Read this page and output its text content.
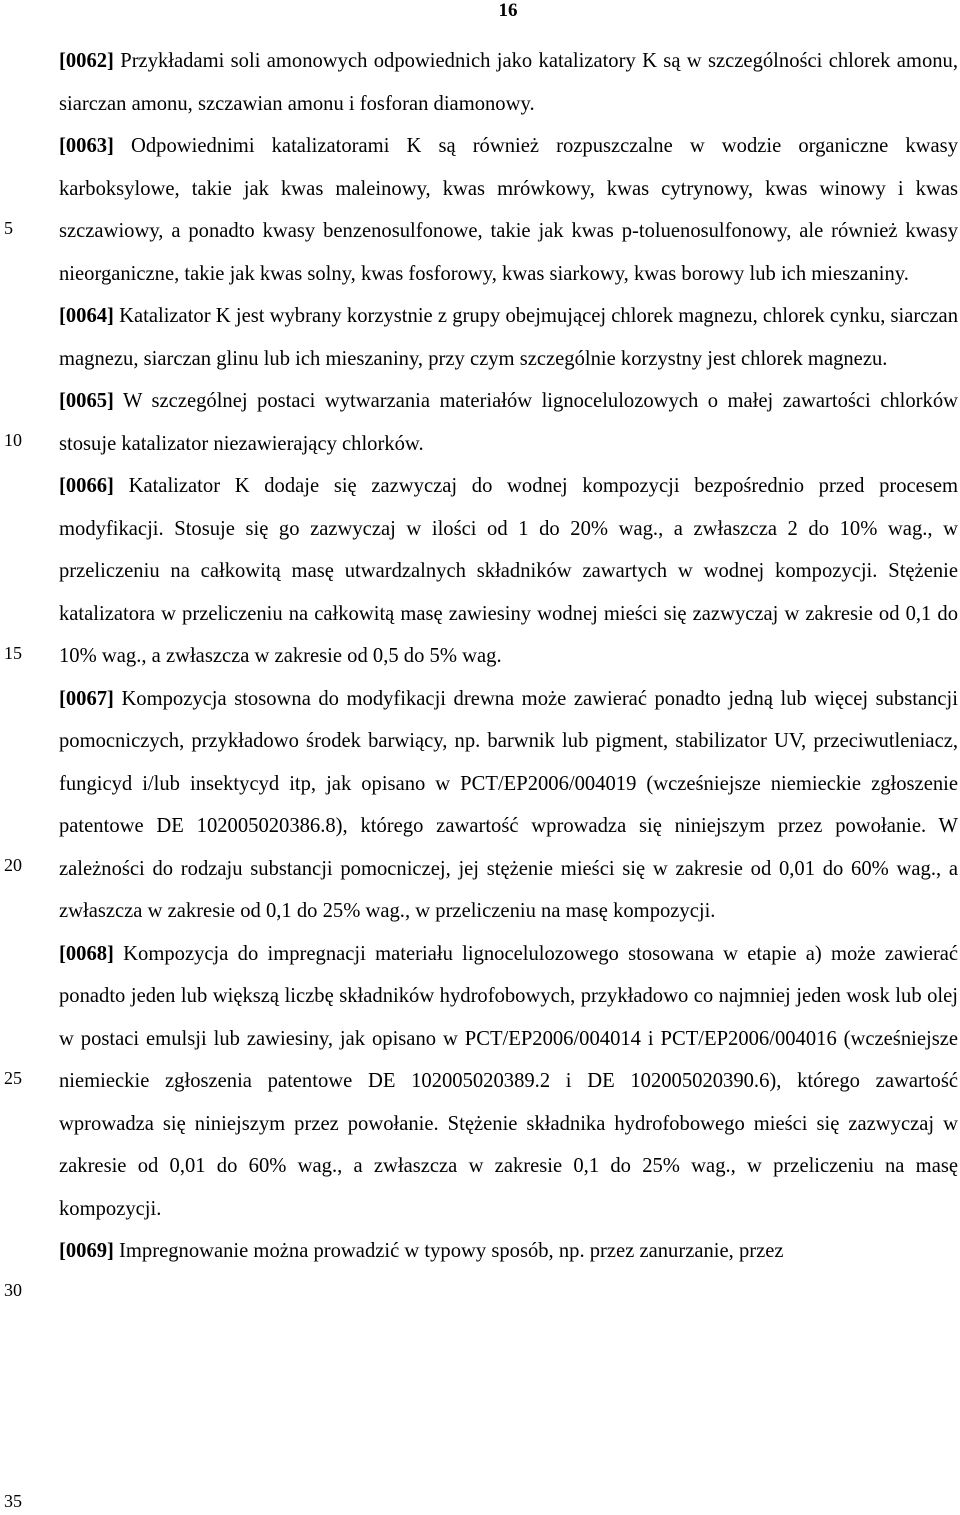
16
5
10
15
20
25
30
35

[0062] Przykładami soli amonowych odpowiednich jako katalizatory K są w szczególności chlorek amonu, siarczan amonu, szczawian amonu i fosforan diamonowy.

[0063] Odpowiednimi katalizatorami K są również rozpuszczalne w wodzie organiczne kwasy karboksylowe, takie jak kwas maleinowy, kwas mrówkowy, kwas cytrynowy, kwas winowy i kwas szczawiowy, a ponadto kwasy benzenosulfonowe, takie jak kwas p-toluenosulfonowy, ale również kwasy nieorganiczne, takie jak kwas solny, kwas fosforowy, kwas siarkowy, kwas borowy lub ich mieszaniny.

[0064] Katalizator K jest wybrany korzystnie z grupy obejmującej chlorek magnezu, chlorek cynku, siarczan magnezu, siarczan glinu lub ich mieszaniny, przy czym szczególnie korzystny jest chlorek magnezu.

[0065] W szczególnej postaci wytwarzania materiałów lignocelulozowych o małej zawartości chlorków stosuje katalizator niezawierający chlorków.

[0066] Katalizator K dodaje się zazwyczaj do wodnej kompozycji bezpośrednio przed procesem modyfikacji. Stosuje się go zazwyczaj w ilości od 1 do 20% wag., a zwłaszcza 2 do 10% wag., w przeliczeniu na całkowitą masę utwardzalnych składników zawartych w wodnej kompozycji. Stężenie katalizatora w przeliczeniu na całkowitą masę zawiesiny wodnej mieści się zazwyczaj w zakresie od 0,1 do 10% wag., a zwłaszcza w zakresie od 0,5 do 5% wag.

[0067] Kompozycja stosowna do modyfikacji drewna może zawierać ponadto jedną lub więcej substancji pomocniczych, przykładowo środek barwiący, np. barwnik lub pigment, stabilizator UV, przeciwutleniacz, fungicyd i/lub insektycyd itp, jak opisano w PCT/EP2006/004019 (wcześniejsze niemieckie zgłoszenie patentowe DE 102005020386.8), którego zawartość wprowadza się niniejszym przez powołanie. W zależności do rodzaju substancji pomocniczej, jej stężenie mieści się w zakresie od 0,01 do 60% wag., a zwłaszcza w zakresie od 0,1 do 25% wag., w przeliczeniu na masę kompozycji.

[0068] Kompozycja do impregnacji materiału lignocelulozowego stosowana w etapie a) może zawierać ponadto jeden lub większą liczbę składników hydrofobowych, przykładowo co najmniej jeden wosk lub olej w postaci emulsji lub zawiesiny, jak opisano w PCT/EP2006/004014 i PCT/EP2006/004016 (wcześniejsze niemieckie zgłoszenia patentowe DE 102005020389.2 i DE 102005020390.6), którego zawartość wprowadza się niniejszym przez powołanie. Stężenie składnika hydrofobowego mieści się zazwyczaj w zakresie od 0,01 do 60% wag., a zwłaszcza w zakresie 0,1 do 25% wag., w przeliczeniu na masę kompozycji.

[0069] Impregnowanie można prowadzić w typowy sposób, np. przez zanurzanie, przez
